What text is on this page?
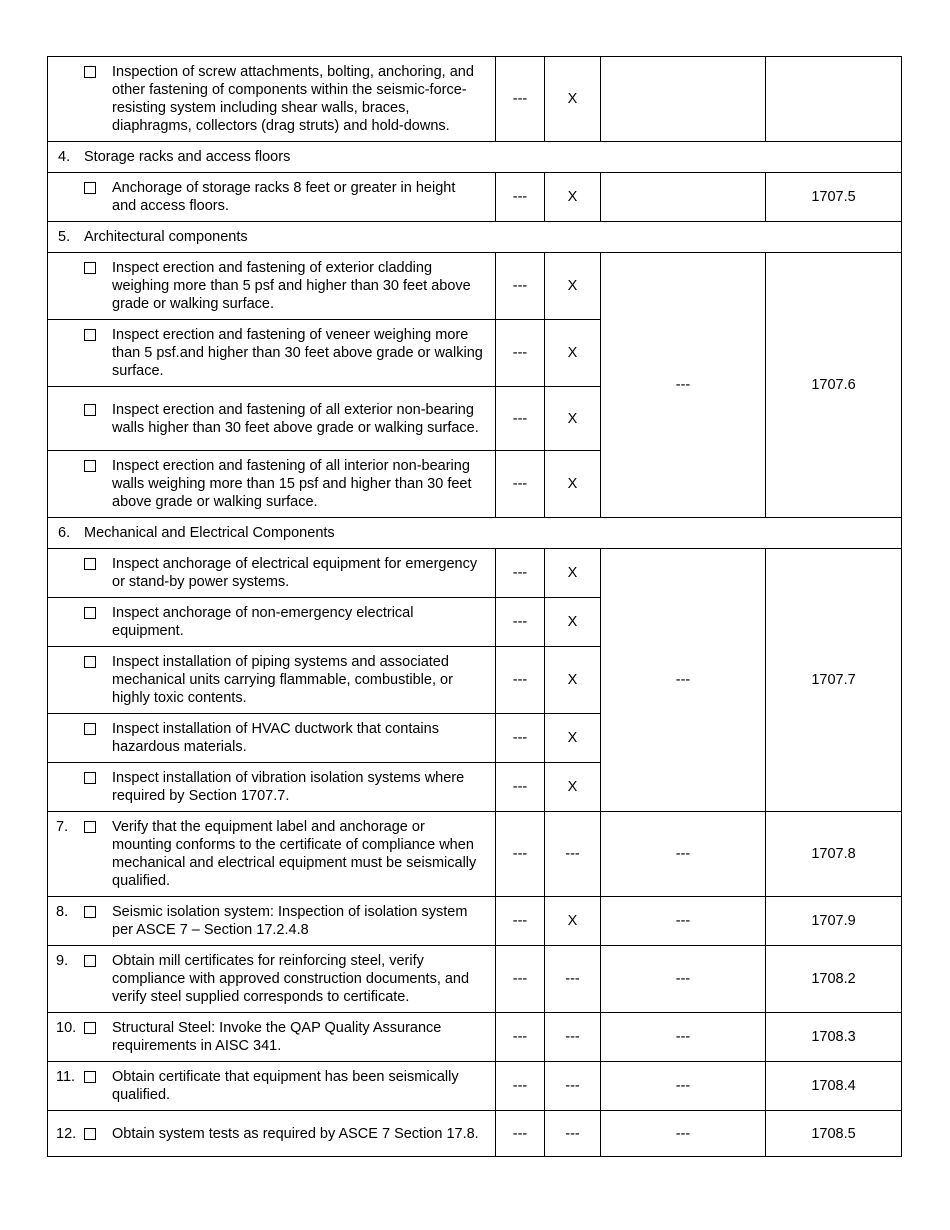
Inspection of screw attachments, bolting, anchoring, and other fastening of components within the seismic-force-resisting system including shear walls, braces, diaphragms, collectors (drag struts) and hold-downs.	---	X		

4. Storage racks and access floors				

Anchorage of storage racks 8 feet or greater in height and access floors.	---	X		1707.5

5. Architectural components				

Inspect erection and fastening of exterior cladding weighing more than 5 psf and higher than 30 feet above grade or walking surface.	---	X	---	1707.6

Inspect erection and fastening of veneer weighing more than 5 psf.and higher than 30 feet above grade or walking surface.	---	X		

Inspect erection and fastening of all exterior non-bearing walls higher than 30 feet above grade or walking surface.	---	X		

Inspect erection and fastening of all interior non-bearing walls weighing more than 15 psf and higher than 30 feet above grade or walking surface.	---	X		

6. Mechanical and Electrical Components				

Inspect anchorage of electrical equipment for emergency or stand-by power systems.	---	X	---	1707.7

Inspect anchorage of non-emergency electrical equipment.	---	X		

Inspect installation of piping systems and associated mechanical units carrying flammable, combustible, or highly toxic contents.	---	X		

Inspect installation of HVAC ductwork that contains hazardous materials.	---	X		

Inspect installation of vibration isolation systems where required by Section 1707.7.	---	X		

7. Verify that the equipment label and anchorage or mounting conforms to the certificate of compliance when mechanical and electrical equipment must be seismically qualified.	---	---	---	1707.8

8. Seismic isolation system: Inspection of isolation system per ASCE 7 – Section 17.2.4.8	---	X	---	1707.9

9. Obtain mill certificates for reinforcing steel, verify compliance with approved construction documents, and verify steel supplied corresponds to certificate.	---	---	---	1708.2

10. Structural Steel: Invoke the QAP Quality Assurance requirements in AISC 341.	---	---	---	1708.3

11. Obtain certificate that equipment has been seismically qualified.	---	---	---	1708.4

12. Obtain system tests as required by ASCE 7 Section 17.8.	---	---	---	1708.5
